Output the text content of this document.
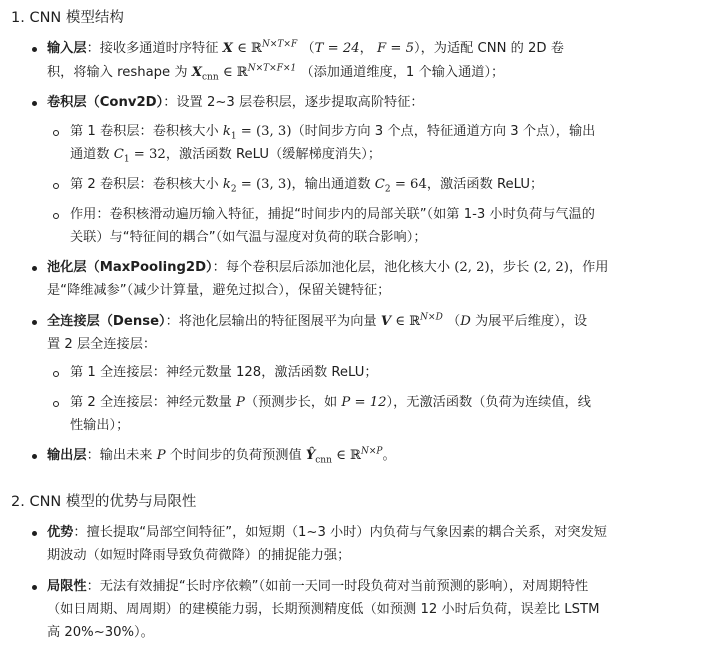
1. CNN 模型结构
输入层：接收多通道时序特征 X ∈ ℝ$^{N\times T\times F}$ （T = 24， F = 5），为适配 CNN 的 2D 卷
积，将输入 reshape 为 $X_{cnn}$ ∈ ℝ$^{N\times T\times F\times 1}$ （添加通道维度，1 个输入通道）；
卷积层（Conv2D）：设置 2~3 层卷积层，逐步提取高阶特征：
第 1 卷积层：卷积核大小 $k_1 = (3$, 3)（时间步方向 3 个点，特征通道方向 3 个点），输出
通道数 $C_1 = 32$，激活函数 ReLU（缓解梯度消失）；
第 2 卷积层：卷积核大小 $k_2 = (3$, 3)，输出通道数 $C_2 = 64$，激活函数 ReLU；
作用：卷积核滑动遍历输入特征，捕捉“时间步内的局部关联”（如第 1-3 小时负荷与气温的
关联）与“特征间的耦合”（如气温与湿度对负荷的联合影响）；
池化层（MaxPooling2D）：每个卷积层后添加池化层，池化核大小 (2, 2)，步长 (2, 2)，作用
是“降维减参”（减少计算量，避免过拟合），保留关键特征；
全连接层（Dense）：将池化层输出的特征图展平为向量 V ∈ ℝ$^{N\times D}$ （D 为展平后维度），设
置 2 层全连接层：
第 1 全连接层：神经元数量 128，激活函数 ReLU；
第 2 全连接层：神经元数量 P（预测步长，如 P = 12），无激活函数（负荷为连续值，线
性输出）；
输出层：输出未来 P 个时间步的负荷预测值 $Ŷ_{cnn}$ ∈ ℝ$^{N\times P}$。
2. CNN 模型的优势与局限性
优势：擅长提取“局部空间特征”，如短期（1~3 小时）内负荷与气象因素的耦合关系，对突发短
期波动（如短时降雨导致负荷微降）的捕捉能力强；
局限性：无法有效捕捉“长时序依赖”（如前一天同一时段负荷对当前预测的影响），对周期特性
（如日周期、周周期）的建模能力弱，长期预测精度低（如预测 12 小时后负荷，误差比 LSTM
高 20%~30%）。
